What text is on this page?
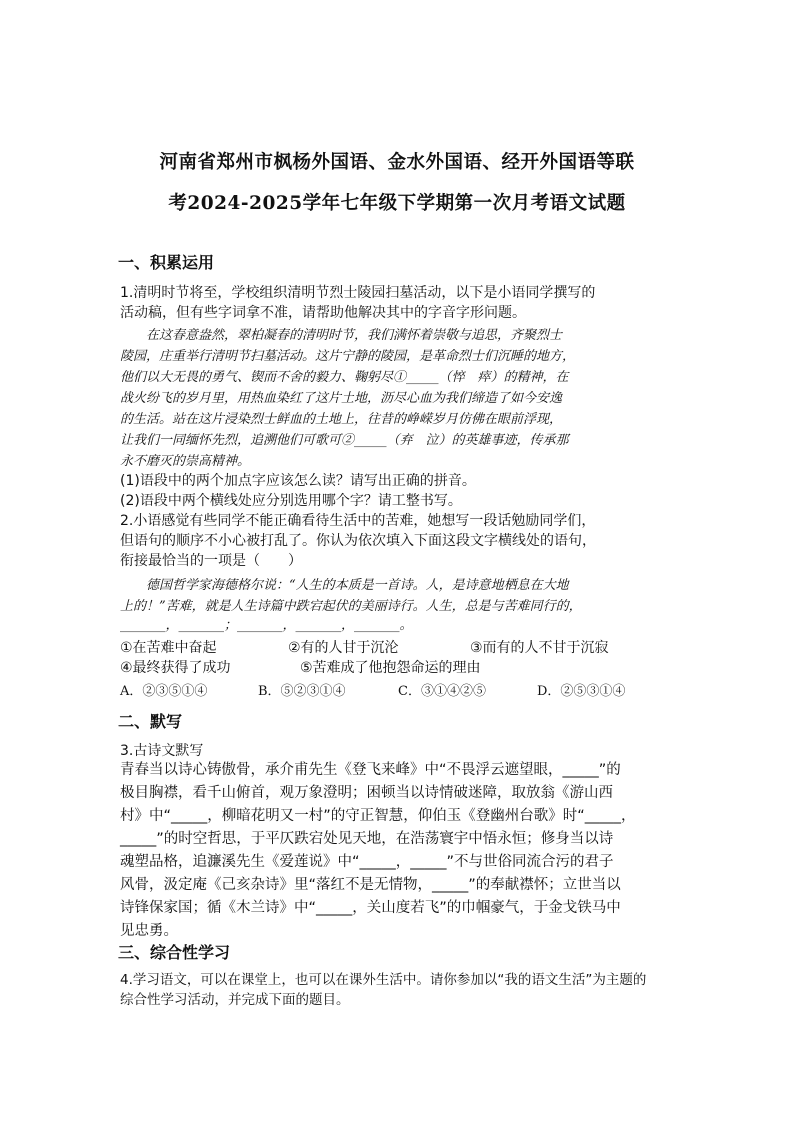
河南省郑州市枫杨外国语、金水外国语、经开外国语等联
考2024-2025学年七年级下学期第一次月考语文试题
一、积累运用
1.清明时节将至，学校组织清明节烈士陵园扫墓活动，以下是小语同学撰写的
活动稿，但有些字词拿不准，请帮助他解决其中的字音字形问题。
　　在这春意盎然，翠柏凝春的清明时节，我们满怀着崇敬与追思，齐聚烈士
陵园，庄重举行清明节扫墓活动。这片宁静的陵园，是革命烈士们沉睡的地方，
他们以大无畏的勇气、锲而不舍的毅力、鞠躬尽①_____（悴　瘁）的精神，在
战火纷飞的岁月里，用热血染红了这片土地，沥尽心血为我们缔造了如今安逸
的生活。站在这片浸染烈士鲜血的土地上，往昔的峥嵘岁月仿佛在眼前浮现，
让我们一同缅怀先烈，追溯他们可歌可②_____（弃　泣）的英雄事迹，传承那
永不磨灭的崇高精神。
(1)语段中的两个加点字应该怎么读？请写出正确的拼音。
(2)语段中两个横线处应分别选用哪个字？请工整书写。
2.小语感觉有些同学不能正确看待生活中的苦难，她想写一段话勉励同学们，
但语句的顺序不小心被打乱了。你认为依次填入下面这段文字横线处的语句，
衔接最恰当的一项是（　　）
　　德国哲学家海德格尔说：“人生的本质是一首诗。人，是诗意地栖息在大地
上的！”苦难，就是人生诗篇中跌宕起伏的美丽诗行。人生，总是与苦难同行的，
_______，_______；_______，_______，_______。
①在苦难中奋起	②有的人甘于沉沦	③而有的人不甘于沉寂
④最终获得了成功	⑤苦难成了他抱怨命运的理由
A．②③⑤①④	B．⑤②③①④	C．③①④②⑤	D．②⑤③①④
二、默写
3.古诗文默写
青春当以诗心铸傲骨，承介甫先生《登飞来峰》中“不畏浮云遮望眼，_____”的
极目胸襟，看千山俯首，观万象澄明；困顿当以诗情破迷障，取放翁《游山西
村》中“_____，柳暗花明又一村”的守正智慧，仰伯玉《登幽州台歌》时“_____，
_____”的时空哲思，于平仄跌宕处见天地，在浩荡寰宇中悟永恒；修身当以诗
魂塑品格，追濂溪先生《爱莲说》中“_____，_____”不与世俗同流合污的君子
风骨，汲定庵《己亥杂诗》里“落红不是无情物，_____”的奉献襟怀；立世当以
诗锋保家国；循《木兰诗》中“_____，关山度若飞”的巾帼豪气，于金戈铁马中
见忠勇。
三、综合性学习
4.学习语文，可以在课堂上，也可以在课外生活中。请你参加以“我的语文生活”为主题的
综合性学习活动，并完成下面的题目。
